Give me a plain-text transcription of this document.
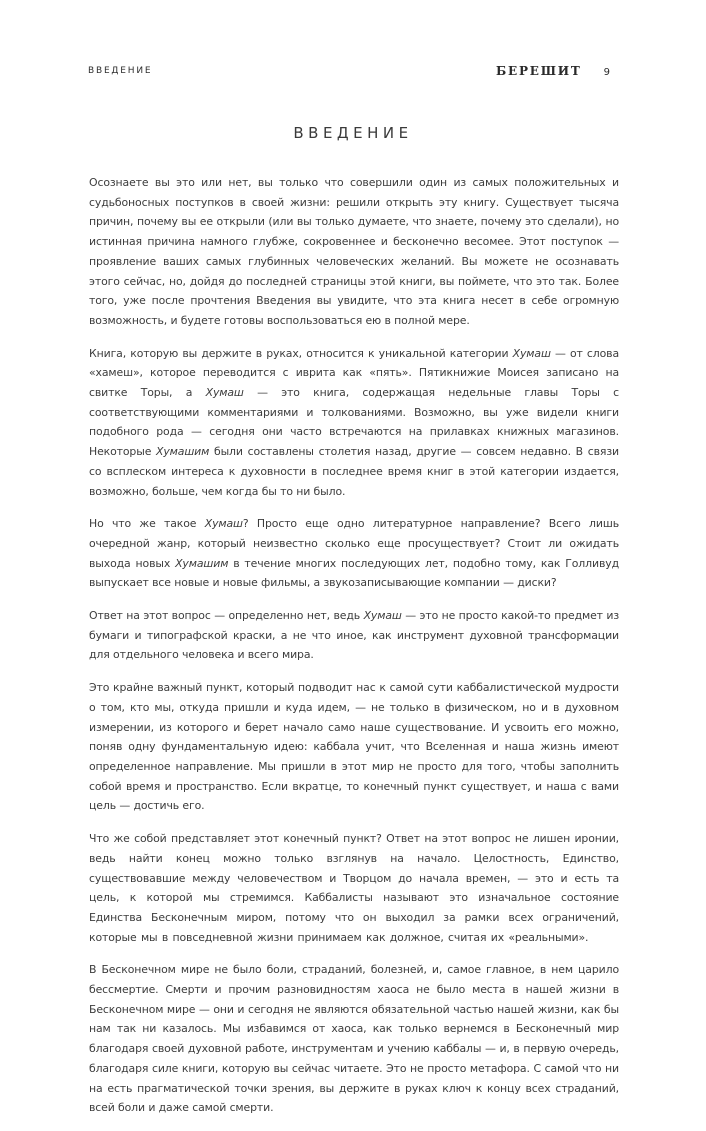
ВВЕДЕНИЕ	БЕРЕШИТ 9
ВВЕДЕНИЕ

Осознаете вы это или нет, вы только что совершили один из самых положительных и судьбоносных поступков в своей жизни: решили открыть эту книгу. Существует тысяча причин, почему вы ее открыли (или вы только думаете, что знаете, почему это сделали), но истинная причина намного глубже, сокровеннее и бесконечно весомее. Этот поступок — проявление ваших самых глубинных человеческих желаний. Вы можете не осознавать этого сейчас, но, дойдя до последней страницы этой книги, вы поймете, что это так. Более того, уже после прочтения Введения вы увидите, что эта книга несет в себе огромную возможность, и будете готовы воспользоваться ею в полной мере.

Книга, которую вы держите в руках, относится к уникальной категории Хумаш — от слова «хамеш», которое переводится с иврита как «пять». Пятикнижие Моисея записано на свитке Торы, а Хумаш — это книга, содержащая недельные главы Торы с соответствующими комментариями и толкованиями. Возможно, вы уже видели книги подобного рода — сегодня они часто встречаются на прилавках книжных магазинов. Некоторые Хумашим были составлены столетия назад, другие — совсем недавно. В связи со всплеском интереса к духовности в последнее время книг в этой категории издается, возможно, больше, чем когда бы то ни было.

Но что же такое Хумаш? Просто еще одно литературное направление? Всего лишь очередной жанр, который неизвестно сколько еще просуществует? Стоит ли ожидать выхода новых Хумашим в течение многих последующих лет, подобно тому, как Голливуд выпускает все новые и новые фильмы, а звукозаписывающие компании — диски?

Ответ на этот вопрос — определенно нет, ведь Хумаш — это не просто какой-то предмет из бумаги и типографской краски, а не что иное, как инструмент духовной трансформации для отдельного человека и всего мира.

Это крайне важный пункт, который подводит нас к самой сути каббалистической мудрости о том, кто мы, откуда пришли и куда идем, — не только в физическом, но и в духовном измерении, из которого и берет начало само наше существование. И усвоить его можно, поняв одну фундаментальную идею: каббала учит, что Вселенная и наша жизнь имеют определенное направление. Мы пришли в этот мир не просто для того, чтобы заполнить собой время и пространство. Если вкратце, то конечный пункт существует, и наша с вами цель — достичь его.

Что же собой представляет этот конечный пункт? Ответ на этот вопрос не лишен иронии, ведь найти конец можно только взглянув на начало. Целостность, Единство, существовавшие между человечеством и Творцом до начала времен, — это и есть та цель, к которой мы стремимся. Каббалисты называют это изначальное состояние Единства Бесконечным миром, потому что он выходил за рамки всех ограничений, которые мы в повседневной жизни принимаем как должное, считая их «реальными».

В Бесконечном мире не было боли, страданий, болезней, и, самое главное, в нем царило бессмертие. Смерти и прочим разновидностям хаоса не было места в нашей жизни в Бесконечном мире — они и сегодня не являются обязательной частью нашей жизни, как бы нам так ни казалось. Мы избавимся от хаоса, как только вернемся в Бесконечный мир благодаря своей духовной работе, инструментам и учению каббалы — и, в первую очередь, благодаря силе книги, которую вы сейчас читаете. Это не просто метафора. С самой что ни на есть прагматической точки зрения, вы держите в руках ключ к концу всех страданий, всей боли и даже самой смерти.
